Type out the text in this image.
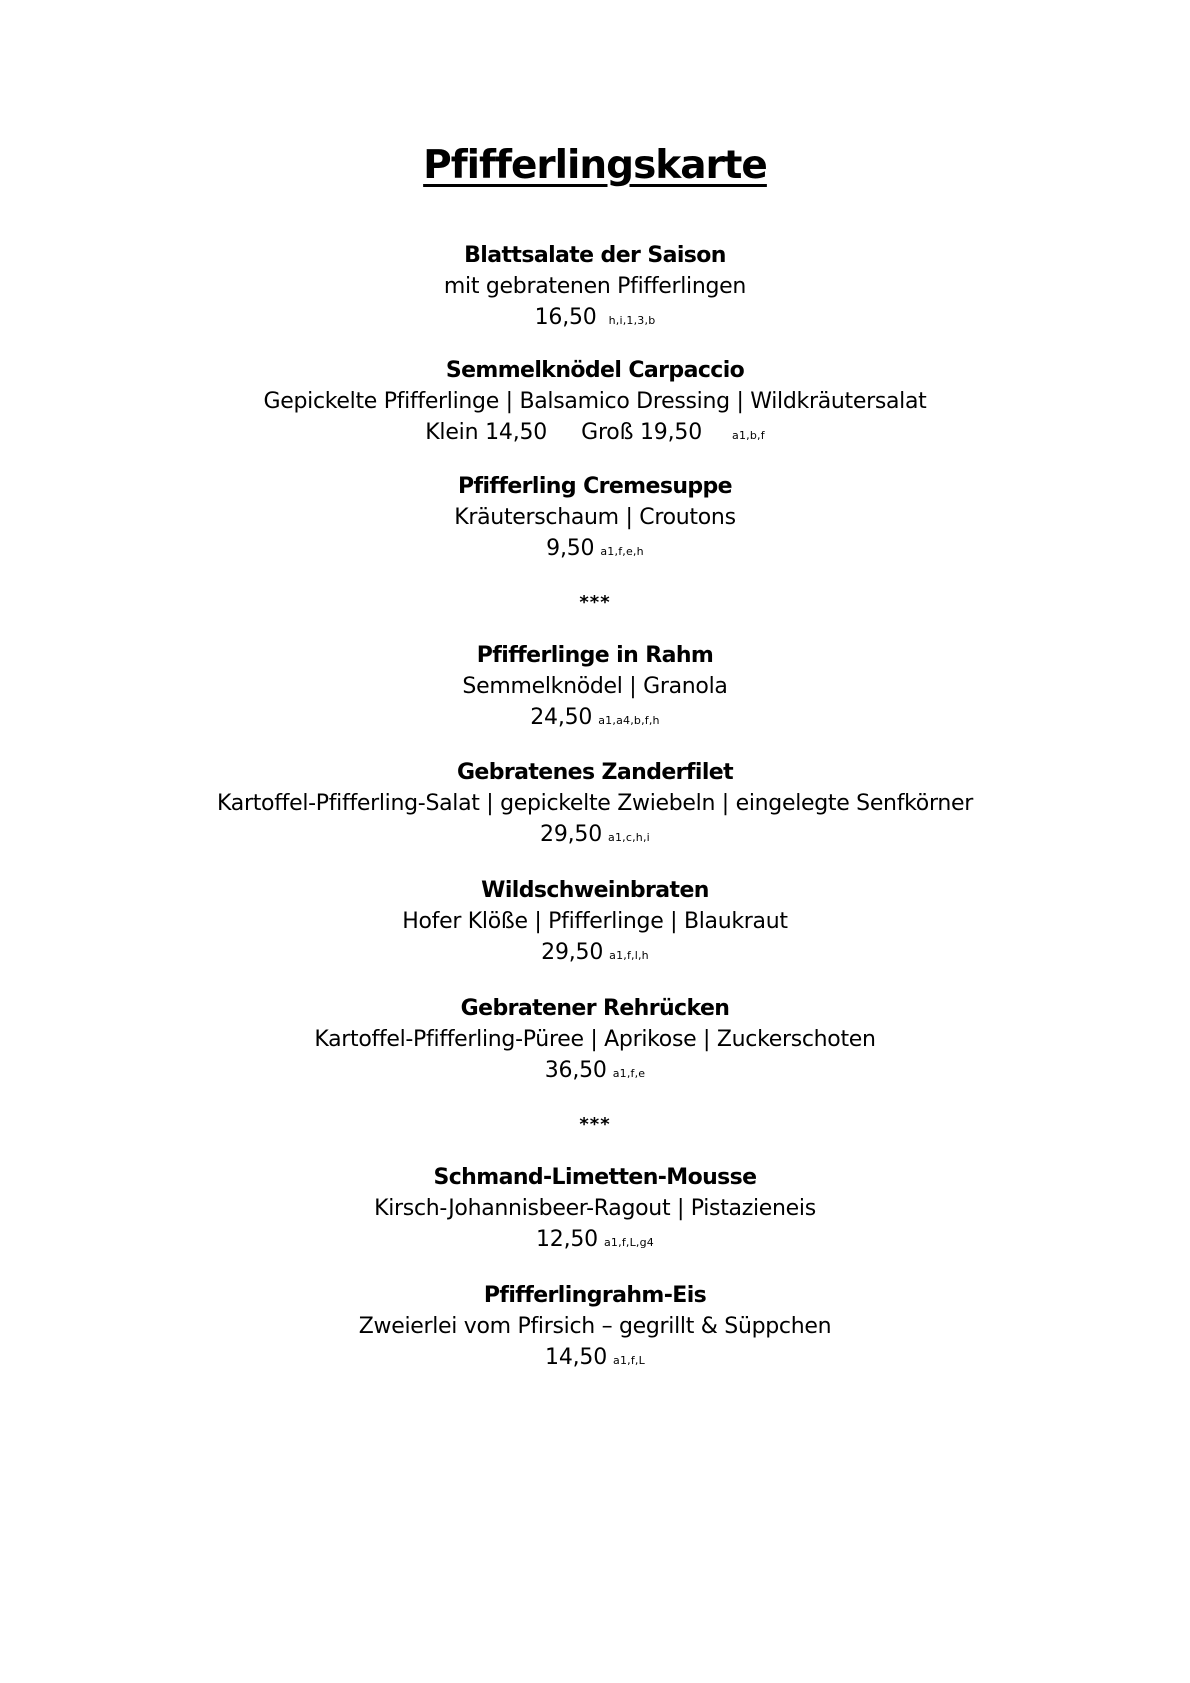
Pfifferlingskarte
Blattsalate der Saison
mit gebratenen Pfifferlingen
16,50 h,i,1,3,b
Semmelknödel Carpaccio
Gepickelte Pfifferlinge | Balsamico Dressing | Wildkräutersalat
Klein 14,50 Groß 19,50	a1,b,f
Pfifferling Cremesuppe
Kräuterschaum | Croutons
9,50 a1,f,e,h
***
Pfifferlinge in Rahm
Semmelknödel | Granola
24,50 a1,a4,b,f,h
Gebratenes Zanderfilet
Kartoffel-Pfifferling-Salat | gepickelte Zwiebeln | eingelegte Senfkörner
29,50 a1,c,h,i
Wildschweinbraten
Hofer Klöße | Pfifferlinge | Blaukraut
29,50 a1,f,l,h
Gebratener Rehrücken
Kartoffel-Pfifferling-Püree | Aprikose | Zuckerschoten
36,50 a1,f,e
***
Schmand-Limetten-Mousse
Kirsch-Johannisbeer-Ragout | Pistazieneis
12,50 a1,f,L,g4
Pfifferlingrahm-Eis
Zweierlei vom Pfirsich – gegrillt & Süppchen
14,50 a1,f,L
